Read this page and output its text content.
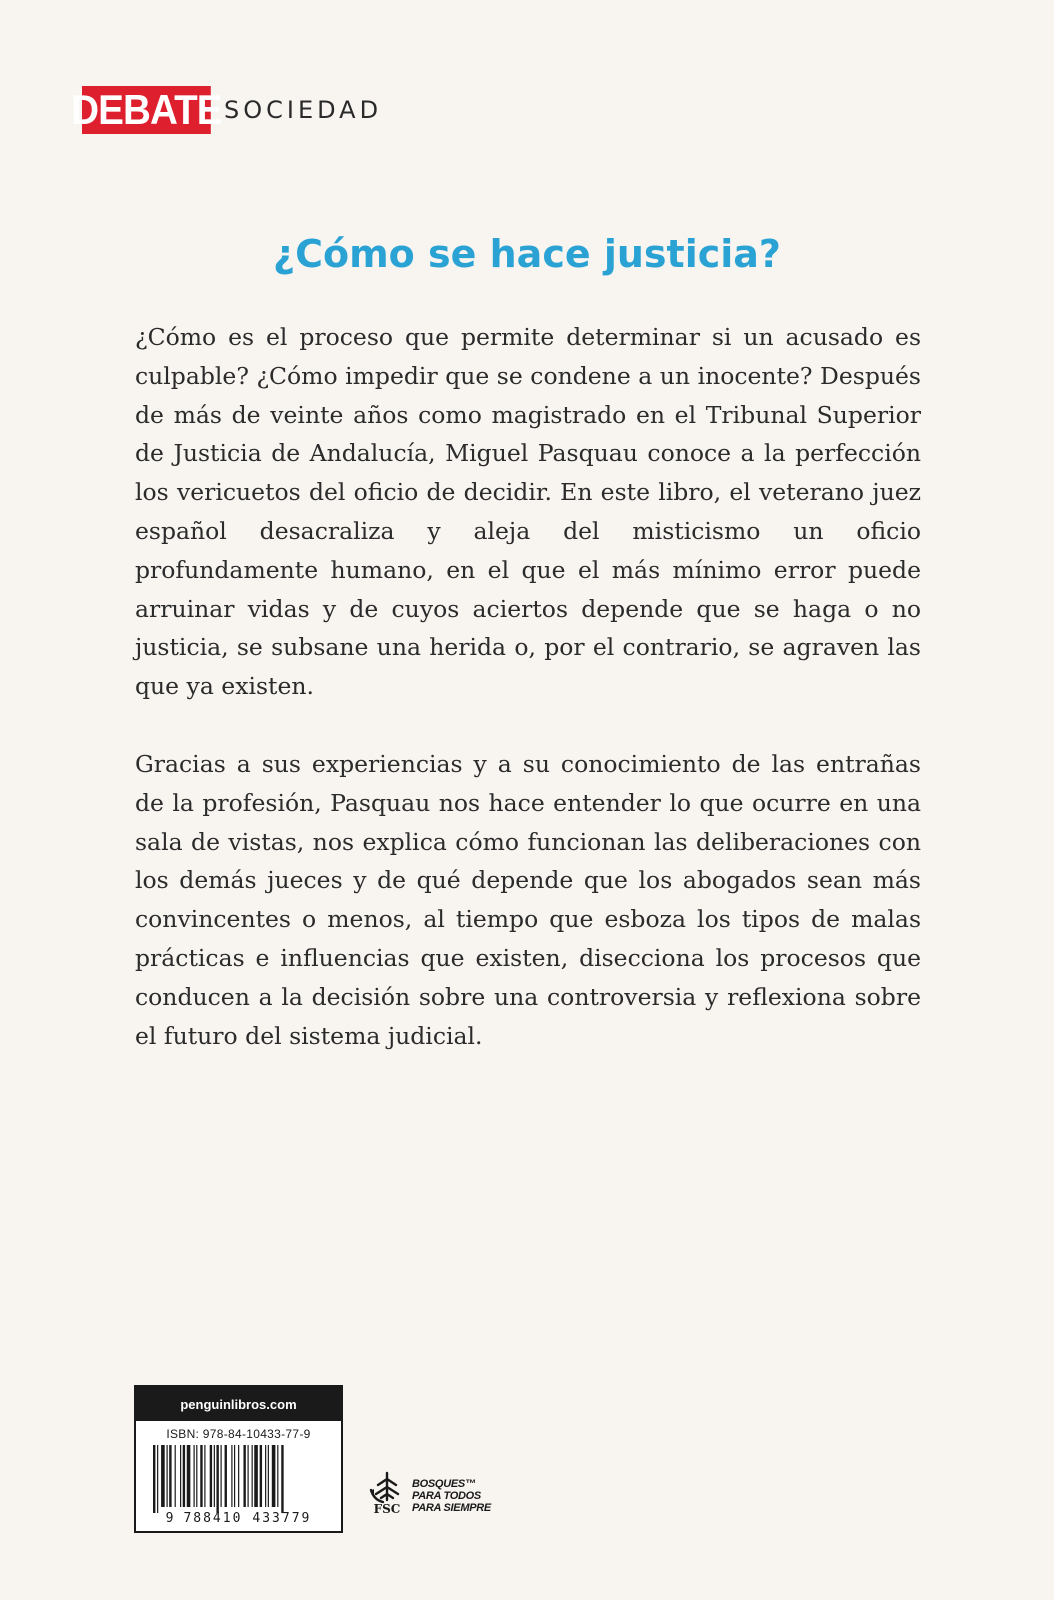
DEBATE SOCIEDAD
¿Cómo se hace justicia?

¿Cómo es el proceso que permite determinar si un acusado es culpable? ¿Cómo impedir que se condene a un inocente? Después de más de veinte años como magistrado en el Tribunal Superior de Justicia de Andalucía, Miguel Pasquau conoce a la perfección los vericuetos del oficio de decidir. En este libro, el veterano juez español desacraliza y aleja del misticismo un oficio profundamente humano, en el que el más mínimo error puede arruinar vidas y de cuyos aciertos depende que se haga o no justicia, se subsane una herida o, por el contrario, se agraven las que ya existen.

Gracias a sus experiencias y a su conocimiento de las entrañas de la profesión, Pasquau nos hace entender lo que ocurre en una sala de vistas, nos explica cómo funcionan las deliberaciones con los demás jueces y de qué depende que los abogados sean más convincentes o menos, al tiempo que esboza los tipos de malas prácticas e influencias que existen, disecciona los procesos que conducen a la decisión sobre una controversia y reflexiona sobre el futuro del sistema judicial.

penguinlibros.com
ISBN: 978-84-10433-77-9
9 788410 433779
FSC
BOSQUES™
PARA TODOS
PARA SIEMPRE
